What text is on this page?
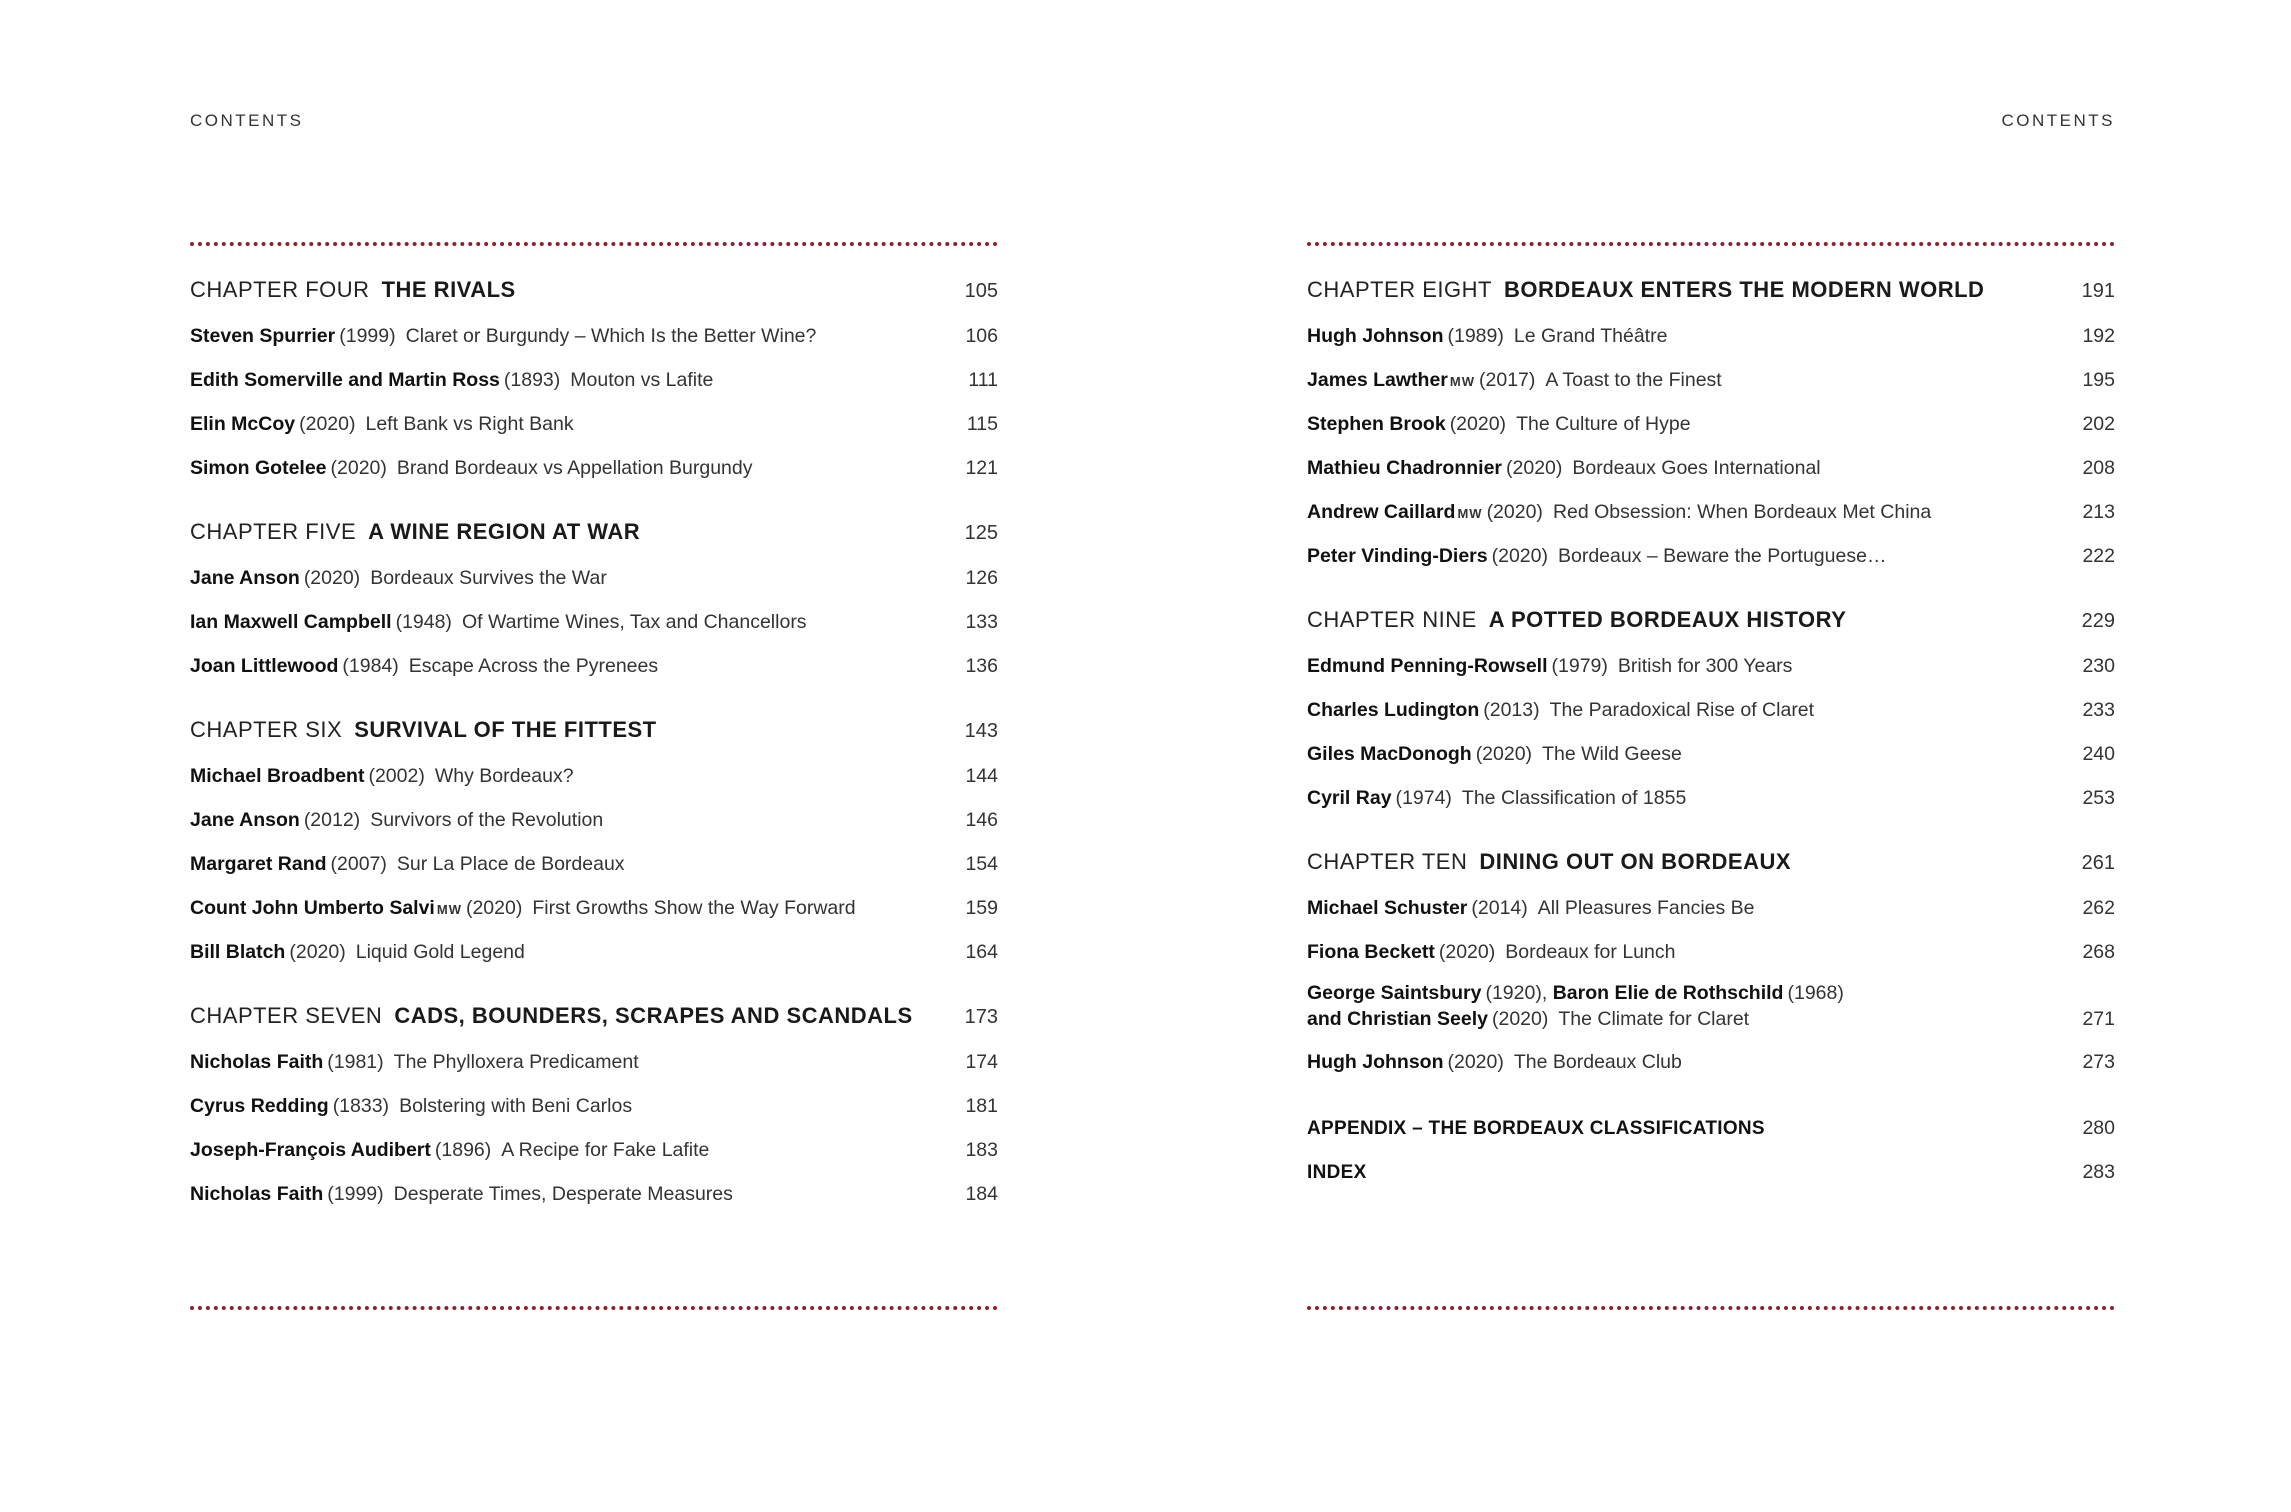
CONTENTS
CHAPTER FOUR THE RIVALS	105
Steven Spurrier (1999) Claret or Burgundy – Which Is the Better Wine?	106
Edith Somerville and Martin Ross (1893) Mouton vs Lafite	111
Elin McCoy (2020) Left Bank vs Right Bank	115
Simon Gotelee (2020) Brand Bordeaux vs Appellation Burgundy	121
CHAPTER FIVE A WINE REGION AT WAR	125
Jane Anson (2020) Bordeaux Survives the War	126
Ian Maxwell Campbell (1948) Of Wartime Wines, Tax and Chancellors	133
Joan Littlewood (1984) Escape Across the Pyrenees	136
CHAPTER SIX SURVIVAL OF THE FITTEST	143
Michael Broadbent (2002) Why Bordeaux?	144
Jane Anson (2012) Survivors of the Revolution	146
Margaret Rand (2007) Sur La Place de Bordeaux	154
Count John Umberto Salvi MW (2020) First Growths Show the Way Forward	159
Bill Blatch (2020) Liquid Gold Legend	164
CHAPTER SEVEN CADS, BOUNDERS, SCRAPES AND SCANDALS	173
Nicholas Faith (1981) The Phylloxera Predicament	174
Cyrus Redding (1833) Bolstering with Beni Carlos	181
Joseph-François Audibert (1896) A Recipe for Fake Lafite	183
Nicholas Faith (1999) Desperate Times, Desperate Measures	184
CONTENTS
CHAPTER EIGHT BORDEAUX ENTERS THE MODERN WORLD	191
Hugh Johnson (1989) Le Grand Théâtre	192
James Lawther MW (2017) A Toast to the Finest	195
Stephen Brook (2020) The Culture of Hype	202
Mathieu Chadronnier (2020) Bordeaux Goes International	208
Andrew Caillard MW (2020) Red Obsession: When Bordeaux Met China	213
Peter Vinding-Diers (2020) Bordeaux – Beware the Portuguese…	222
CHAPTER NINE A POTTED BORDEAUX HISTORY	229
Edmund Penning-Rowsell (1979) British for 300 Years	230
Charles Ludington (2013) The Paradoxical Rise of Claret	233
Giles MacDonogh (2020) The Wild Geese	240
Cyril Ray (1974) The Classification of 1855	253
CHAPTER TEN DINING OUT ON BORDEAUX	261
Michael Schuster (2014) All Pleasures Fancies Be	262
Fiona Beckett (2020) Bordeaux for Lunch	268
George Saintsbury (1920), Baron Elie de Rothschild (1968)
and Christian Seely (2020) The Climate for Claret	271
Hugh Johnson (2020) The Bordeaux Club	273
APPENDIX – THE BORDEAUX CLASSIFICATIONS	280
INDEX	283
